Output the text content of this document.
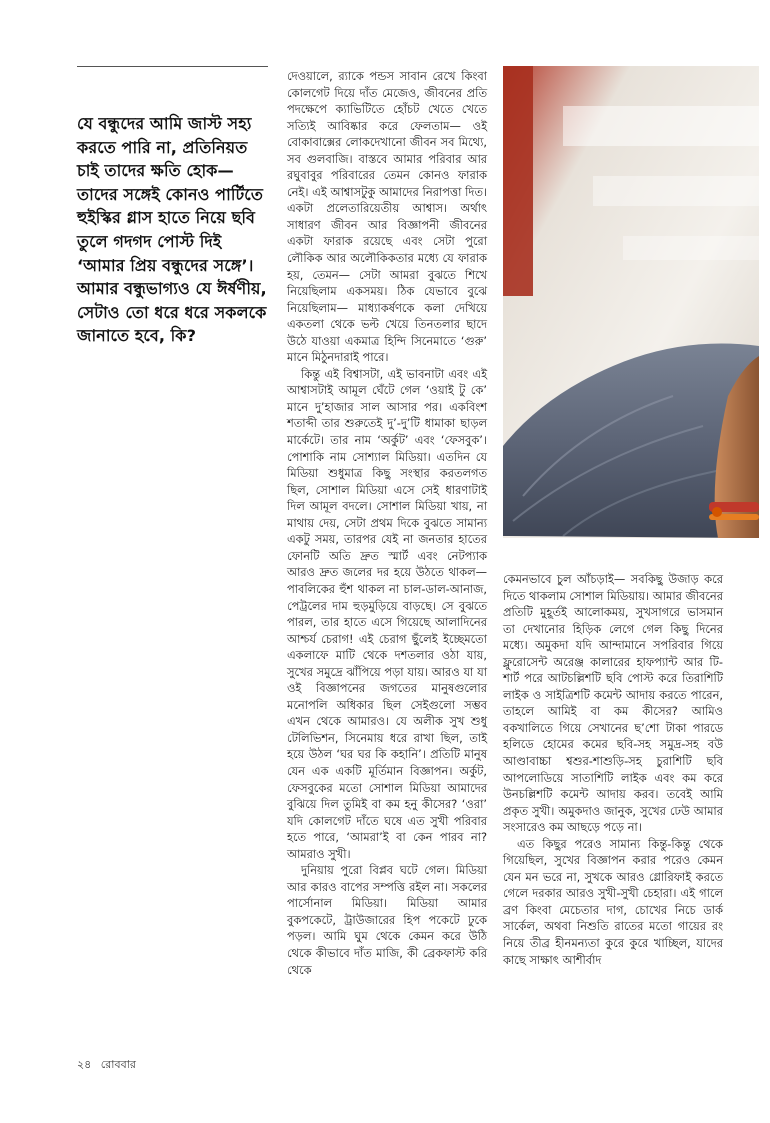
যে বন্ধুদের আমি জাস্ট সহ্য করতে পারি না, প্রতিনিয়ত চাই তাদের ক্ষতি হোক— তাদের সঙ্গেই কোনও পার্টিতে হুইস্কির গ্লাস হাতে নিয়ে ছবি তুলে গদগদ পোস্ট দিই ‘আমার প্রিয় বন্ধুদের সঙ্গে’। আমার বন্ধুভাগ্যও যে ঈর্ষণীয়, সেটাও তো ধরে ধরে সকলকে জানাতে হবে, কি?

দেওয়ালে, র‌্যাকে পন্ডস সাবান রেখে কিংবা কোলগেট দিয়ে দাঁত মেজেও, জীবনের প্রতি পদক্ষেপে ক্যাভিটিতে হোঁচট খেতে খেতে সত্যিই আবিষ্কার করে ফেলতাম— ওই বোকাবাক্সের লোকদেখানো জীবন সব মিথ্যে, সব গুলবাজি। বাস্তবে আমার পরিবার আর রঘুবাবুর পরিবারের তেমন কোনও ফারাক নেই। এই আশ্বাসটুকু আমাদের নিরাপত্তা দিত। একটা প্রলেতারিয়েতীয় আশ্বাস। অর্থাৎ সাধারণ জীবন আর বিজ্ঞাপনী জীবনের একটা ফারাক রয়েছে এবং সেটা পুরো লৌকিক আর অলৌকিকতার মধ্যে যে ফারাক হয়, তেমন— সেটা আমরা বুঝতে শিখে নিয়েছিলাম একসময়। ঠিক যেভাবে বুঝে নিয়েছিলাম— মাধ্যাকর্ষণকে কলা দেখিয়ে একতলা থেকে ভল্ট খেয়ে তিনতলার ছাদে উঠে যাওয়া একমাত্র হিন্দি সিনেমাতে ‘গুরু’ মানে মিঠুনদারাই পারে।

কিন্তু এই বিশ্বাসটা, এই ভাবনাটা এবং এই আশ্বাসটাই আমূল ঘেঁটে গেল ‘ওয়াই টু কে’ মানে দু’হাজার সাল আসার পর। একবিংশ শতাব্দী তার শুরুতেই দু’-দু’টি ধামাকা ছাড়ল মার্কেটে। তার নাম ‘অর্কুট’ এবং ‘ফেসবুক’। পোশাকি নাম সোশ্যাল মিডিয়া। এতদিন যে মিডিয়া শুধুমাত্র কিছু সংস্থার করতলগত ছিল, সোশাল মিডিয়া এসে সেই ধারণাটাই দিল আমূল বদলে। সোশাল মিডিয়া খায়, না মাথায় দেয়, সেটা প্রথম দিকে বুঝতে সামান্য একটু সময়, তারপর যেই না জনতার হাতের ফোনটি অতি দ্রুত স্মার্ট এবং নেটপ্যাক আরও দ্রুত জলের দর হয়ে উঠতে থাকল— পাবলিকের হুঁশ থাকল না চাল-ডাল-আনাজ, পেট্রলের দাম হুড়মুড়িয়ে বাড়ছে। সে বুঝতে পারল, তার হাতে এসে গিয়েছে আলাদিনের আশ্চর্য চেরাগ! এই চেরাগ ছুঁলেই ইচ্ছেমতো একলাফে মাটি থেকে দশতলার ওঠা যায়, সুখের সমুদ্রে ঝাঁপিয়ে পড়া যায়। আরও যা যা ওই বিজ্ঞাপনের জগতের মানুষগুলোর মনোপলি অধিকার ছিল সেইগুলো সম্ভব এখন থেকে আমারও। যে অলীক সুখ শুধু টেলিভিশন, সিনেমায় ধরে রাখা ছিল, তাই হয়ে উঠল ‘ঘর ঘর কি কহানি’। প্রতিটি মানুষ যেন এক একটি মূর্তিমান বিজ্ঞাপন। অর্কুট, ফেসবুকের মতো সোশাল মিডিয়া আমাদের বুঝিয়ে দিল তুমিই বা কম হনু কীসের? ‘ওরা’ যদি কোলগেট দাঁতে ঘষে এত সুখী পরিবার হতে পারে, ‘আমরা’ই বা কেন পারব না? আমরাও সুখী।

দুনিয়ায় পুরো বিপ্লব ঘটে গেল। মিডিয়া আর কারও বাপের সম্পত্তি রইল না। সকলের পার্সোনাল মিডিয়া। মিডিয়া আমার বুকপকেটে, ট্রাউজারের হিপ পকেটে ঢুকে পড়ল। আমি ঘুম থেকে কেমন করে উঠি থেকে কীভাবে দাঁত মাজি, কী ব্রেকফাস্ট করি থেকে

কেমনভাবে চুল আঁচড়াই— সবকিছু উজাড় করে দিতে থাকলাম সোশাল মিডিয়ায়। আমার জীবনের প্রতিটি মুহূর্তই আলোকময়, সুখসাগরে ভাসমান তা দেখানোর হিড়িক লেগে গেল কিছু দিনের মধ্যে। অমুকদা যদি আন্দামানে সপরিবার গিয়ে ফ্লুরোসেন্ট অরেঞ্জ কালারের হাফপ্যান্ট আর টি-শার্ট পরে আটচল্লিশটি ছবি পোস্ট করে তিরাশিটি লাইক ও সাইত্রিশটি কমেন্ট আদায় করতে পারেন, তাহলে আমিই বা কম কীসের? আমিও বকখালিতে গিয়ে সেখানের ছ’শো টাকা পারডে হলিডে হোমের কমের ছবি-সহ সমুদ্র-সহ বউ আণ্ডাবাচ্চা শ্বশুর-শাশুড়ি-সহ চুরাশিটি ছবি আপলোডিয়ে সাতাশিটি লাইক এবং কম করে উনচল্লিশটি কমেন্ট আদায় করব। তবেই আমি প্রকৃত সুখী। অমুকদাও জানুক, সুখের ঢেউ আমার সংসারেও কম আছড়ে পড়ে না।

এত কিছুর পরেও সামান্য কিন্তু-কিন্তু থেকে গিয়েছিল, সুখের বিজ্ঞাপন করার পরেও কেমন যেন মন ভরে না, সুখকে আরও গ্লোরিফাই করতে গেলে দরকার আরও সুখী-সুখী চেহারা। এই গালে ব্রণ কিংবা মেচেতার দাগ, চোখের নিচে ডার্ক সার্কেল, অথবা নিশুতি রাতের মতো গায়ের রং নিয়ে তীব্র হীনমন্যতা কুরে কুরে খাচ্ছিল, যাদের কাছে সাক্ষাৎ আশীর্বাদ

২৪ রোববার
